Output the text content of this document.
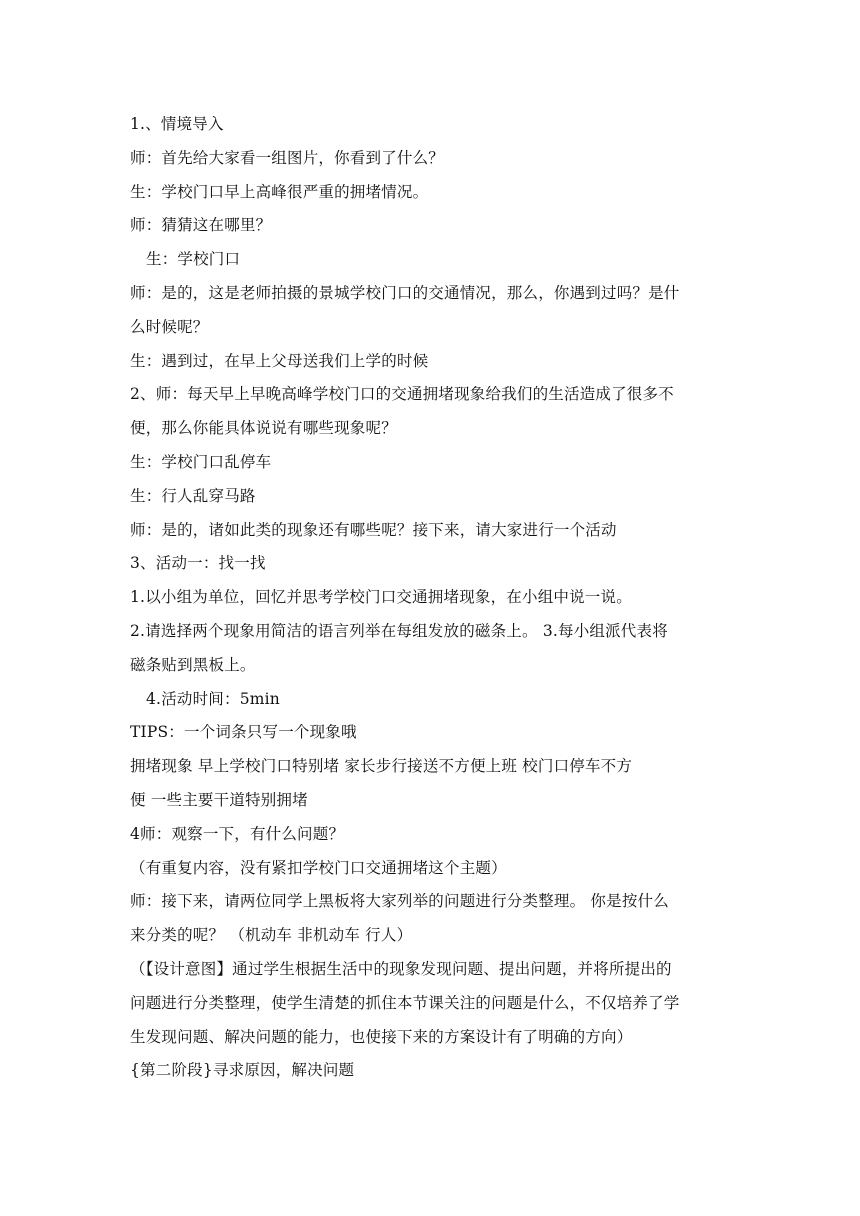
1.、情境导入
师：首先给大家看一组图片，你看到了什么？
生：学校门口早上高峰很严重的拥堵情况。
师：猜猜这在哪里？
生：学校门口
师：是的，这是老师拍摄的景城学校门口的交通情况，那么，你遇到过吗？是什
么时候呢？
生：遇到过，在早上父母送我们上学的时候
2、师：每天早上早晚高峰学校门口的交通拥堵现象给我们的生活造成了很多不
便，那么你能具体说说有哪些现象呢？
生：学校门口乱停车
生：行人乱穿马路
师：是的，诸如此类的现象还有哪些呢？接下来，请大家进行一个活动
3、活动一：找一找
1.以小组为单位，回忆并思考学校门口交通拥堵现象，在小组中说一说。
2.请选择两个现象用简洁的语言列举在每组发放的磁条上。 3.每小组派代表将
磁条贴到黑板上。
4.活动时间：5min
TIPS：一个词条只写一个现象哦
拥堵现象 早上学校门口特别堵 家长步行接送不方便上班 校门口停车不方
便 一些主要干道特别拥堵
4师：观察一下，有什么问题？
（有重复内容，没有紧扣学校门口交通拥堵这个主题）
师：接下来，请两位同学上黑板将大家列举的问题进行分类整理。 你是按什么
来分类的呢？ （机动车 非机动车 行人）
（【设计意图】通过学生根据生活中的现象发现问题、提出问题，并将所提出的
问题进行分类整理，使学生清楚的抓住本节课关注的问题是什么，不仅培养了学
生发现问题、解决问题的能力，也使接下来的方案设计有了明确的方向）
{第二阶段}寻求原因，解决问题
